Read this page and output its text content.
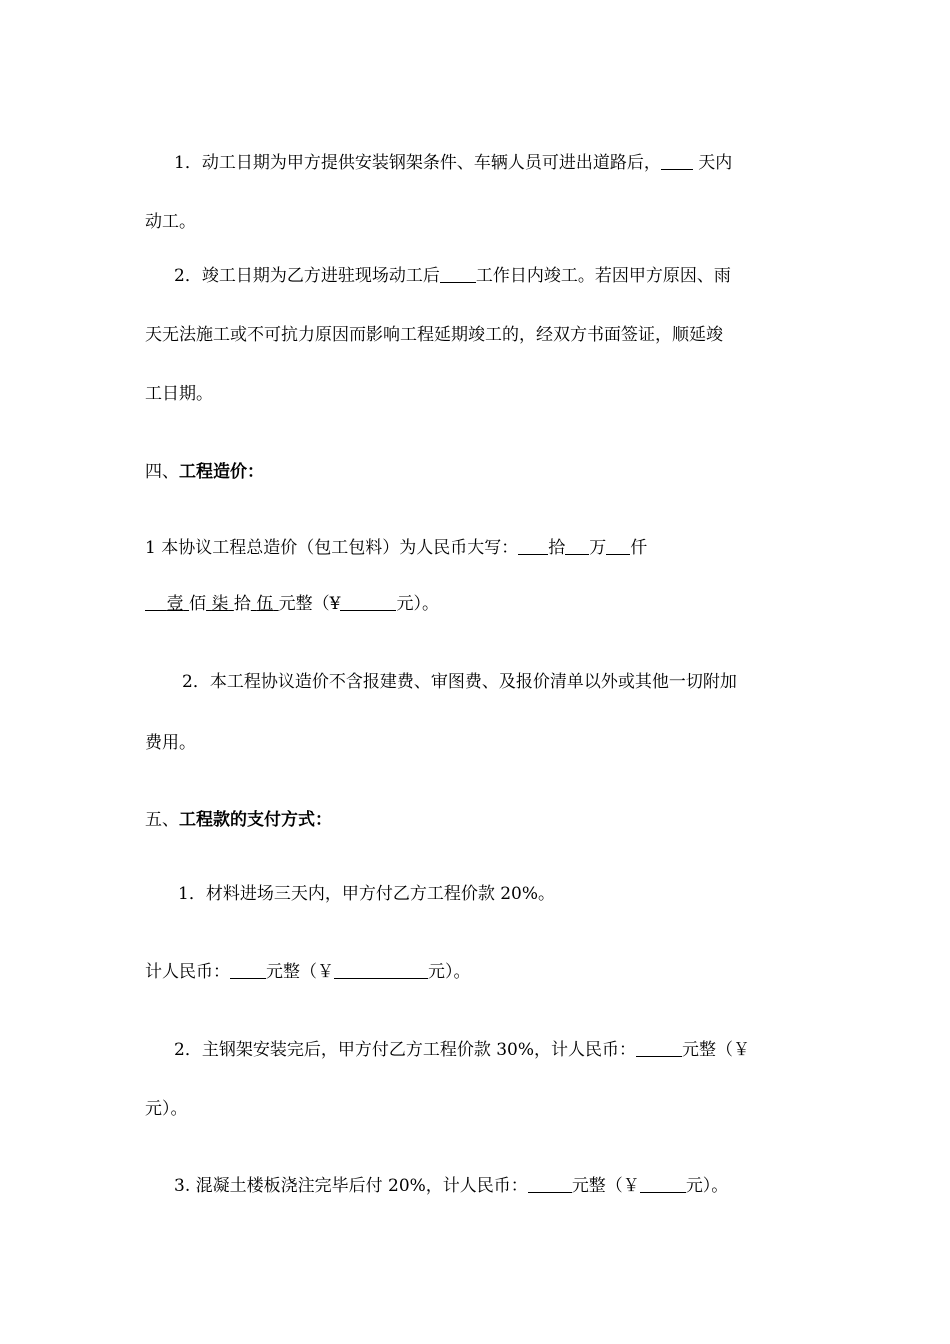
1．动工日期为甲方提供安装钢架条件、车辆人员可进出道路后， 天内
动工。
2．竣工日期为乙方进驻现场动工后 工作日内竣工。若因甲方原因、雨
天无法施工或不可抗力原因而影响工程延期竣工的，经双方书面签证，顺延竣
工日期。
四、工程造价：
1 本协议工程总造价（包工包料）为人民币大写： 拾 万 仟
壹 佰 柒 拾 伍 元整（¥	元）。
2．本工程协议造价不含报建费、审图费、及报价清单以外或其他一切附加
费用。
五、工程款的支付方式：
1．材料进场三天内，甲方付乙方工程价款 20%。
计人民币： 元整（￥	元）。
2．主钢架安装完后，甲方付乙方工程价款 30%，计人民币：	元整（￥
元）。
3. 混凝土楼板浇注完毕后付 20%，计人民币：	元整（￥	元）。
